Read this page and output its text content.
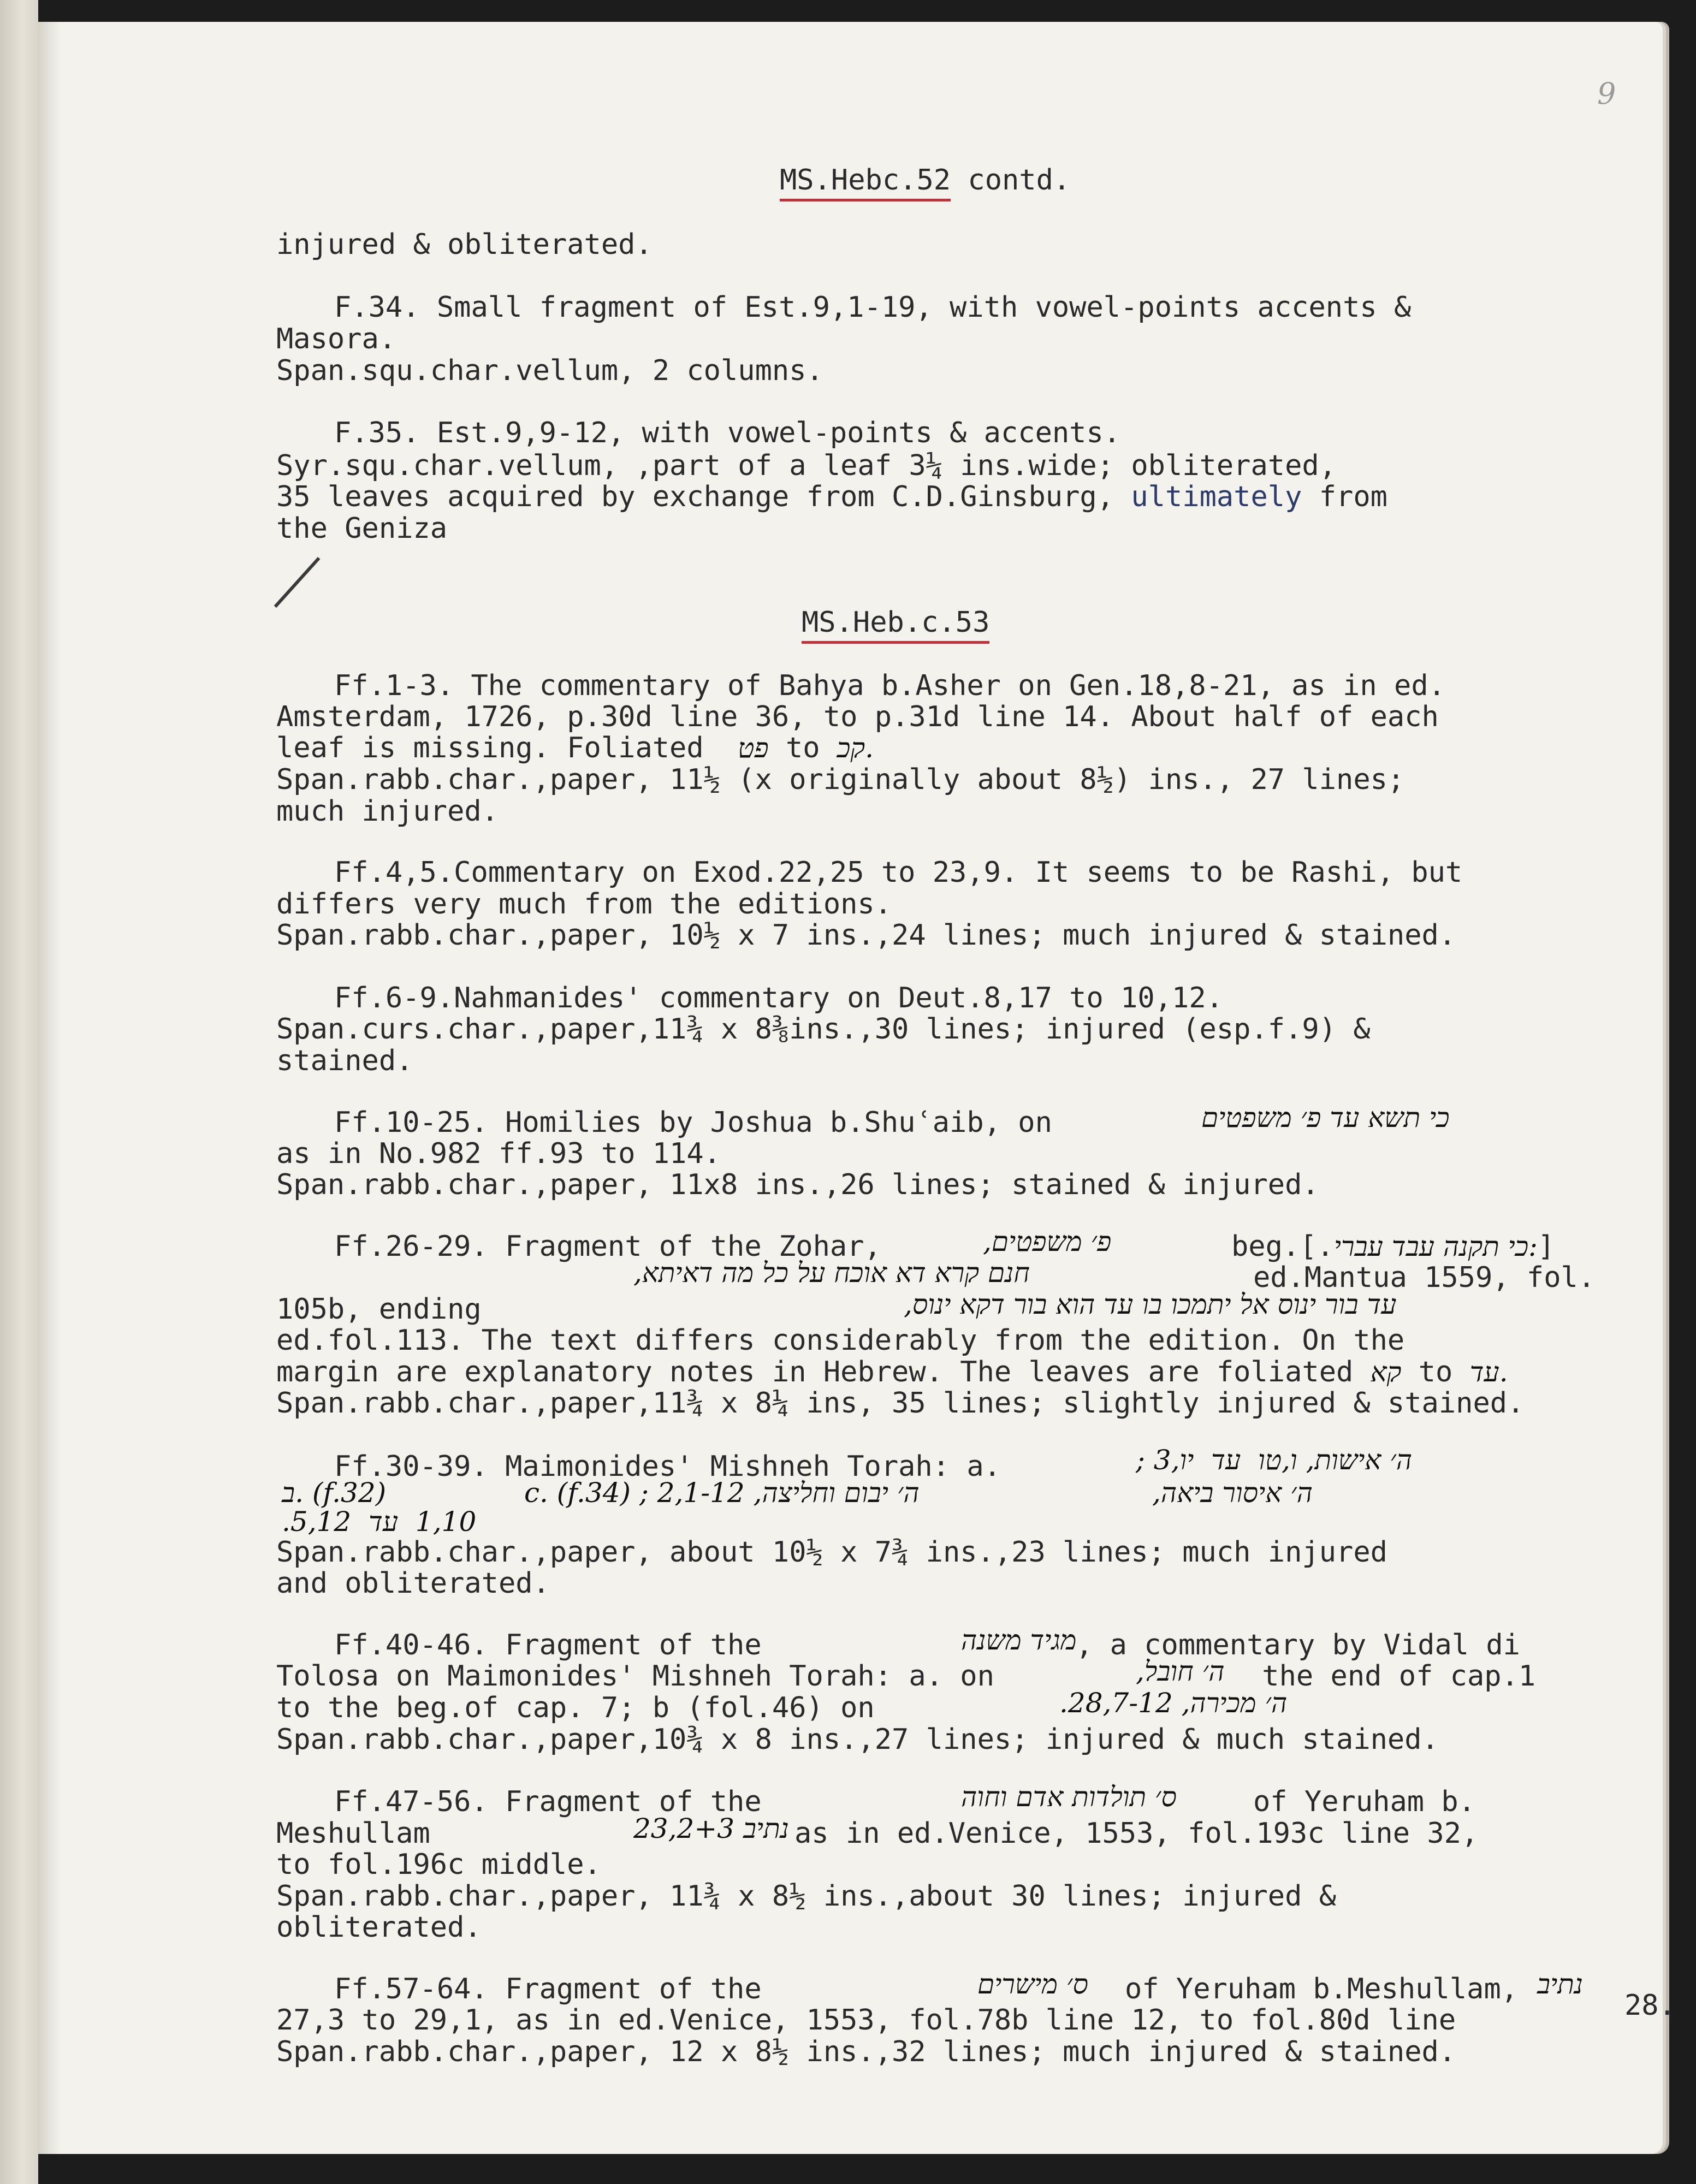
9
MS.Hebc.52 contd.
injured & obliterated.
F.34. Small fragment of Est.9,1-19, with vowel-points accents &
Masora.
Span.squ.char.vellum, 2 columns.
F.35. Est.9,9-12, with vowel-points & accents.
Syr.squ.char.vellum, ,part of a leaf 3¼ ins.wide; obliterated,
35 leaves acquired by exchange from C.D.Ginsburg, ultimately from
the Geniza
MS.Heb.c.53
Ff.1-3. The commentary of Bahya b.Asher on Gen.18,8-21, as in ed.
Amsterdam, 1726, p.30d line 36, to p.31d line 14. About half of each
leaf is missing. Foliated  פט to קכ.
Span.rabb.char.,paper, 11½ (x originally about 8½) ins., 27 lines;
much injured.
Ff.4,5.Commentary on Exod.22,25 to 23,9. It seems to be Rashi, but
differs very much from the editions.
Span.rabb.char.,paper, 10½ x 7 ins.,24 lines; much injured & stained.
Ff.6-9.Nahmanides' commentary on Deut.8,17 to 10,12.
Span.curs.char.,paper,11¾ x 8⅜ins.,30 lines; injured (esp.f.9) &
stained.
Ff.10-25. Homilies by Joshua b.Shuʿaib, on	כי תשא עד פ׳ משפטים
as in No.982 ff.93 to 114.
Span.rabb.char.,paper, 11x8 ins.,26 lines; stained & injured.
Ff.26-29. Fragment of the Zohar,	פ׳ משפטים,	beg.[.:כי תקנה עבד עברי]
חנם קרא דא אוכח על כל מה דאיתא,	ed.Mantua 1559, fol.
105b, ending	עד בור ינוס אל יתמכו בו עד הוא בור דקא ינוס,
ed.fol.113. The text differs considerably from the edition. On the
margin are explanatory notes in Hebrew. The leaves are foliated קא to עד.
Span.rabb.char.,paper,11¾ x 8¼ ins, 35 lines; slightly injured & stained.
Ff.30-39. Maimonides' Mishneh Torah: a.	ה׳ אישות, ו,טו  עד  יו,3 ;
ב. (f.32)	ה׳ יבום וחליצה, 2,1-12 ; c. (f.34)	ה׳ איסור ביאה,
1,10  עד  5,12.
Span.rabb.char.,paper, about 10½ x 7¾ ins.,23 lines; much injured
and obliterated.
Ff.40-46. Fragment of the	מגיד משנה
, a commentary by Vidal di
Tolosa on Maimonides' Mishneh Torah: a. on	ה׳ חובל, the end of cap.1
to the beg.of cap. 7; b (fol.46) on	ה׳ מכירה, 28,7-12.
Span.rabb.char.,paper,10¾ x 8 ins.,27 lines; injured & much stained.
Ff.47-56. Fragment of the	ס׳ תולדות אדם וחוה	of Yeruham b.
Meshullam	נתיב 23,2+3 as in ed.Venice, 1553, fol.193c line 32,
to fol.196c middle.
Span.rabb.char.,paper, 11¾ x 8½ ins.,about 30 lines; injured &
obliterated.
Ff.57-64. Fragment of the	ס׳ מישרים of Yeruham b.Meshullam, נתיב
27,3 to 29,1, as in ed.Venice, 1553, fol.78b line 12, to fol.80d line	28.
Span.rabb.char.,paper, 12 x 8½ ins.,32 lines; much injured & stained.
